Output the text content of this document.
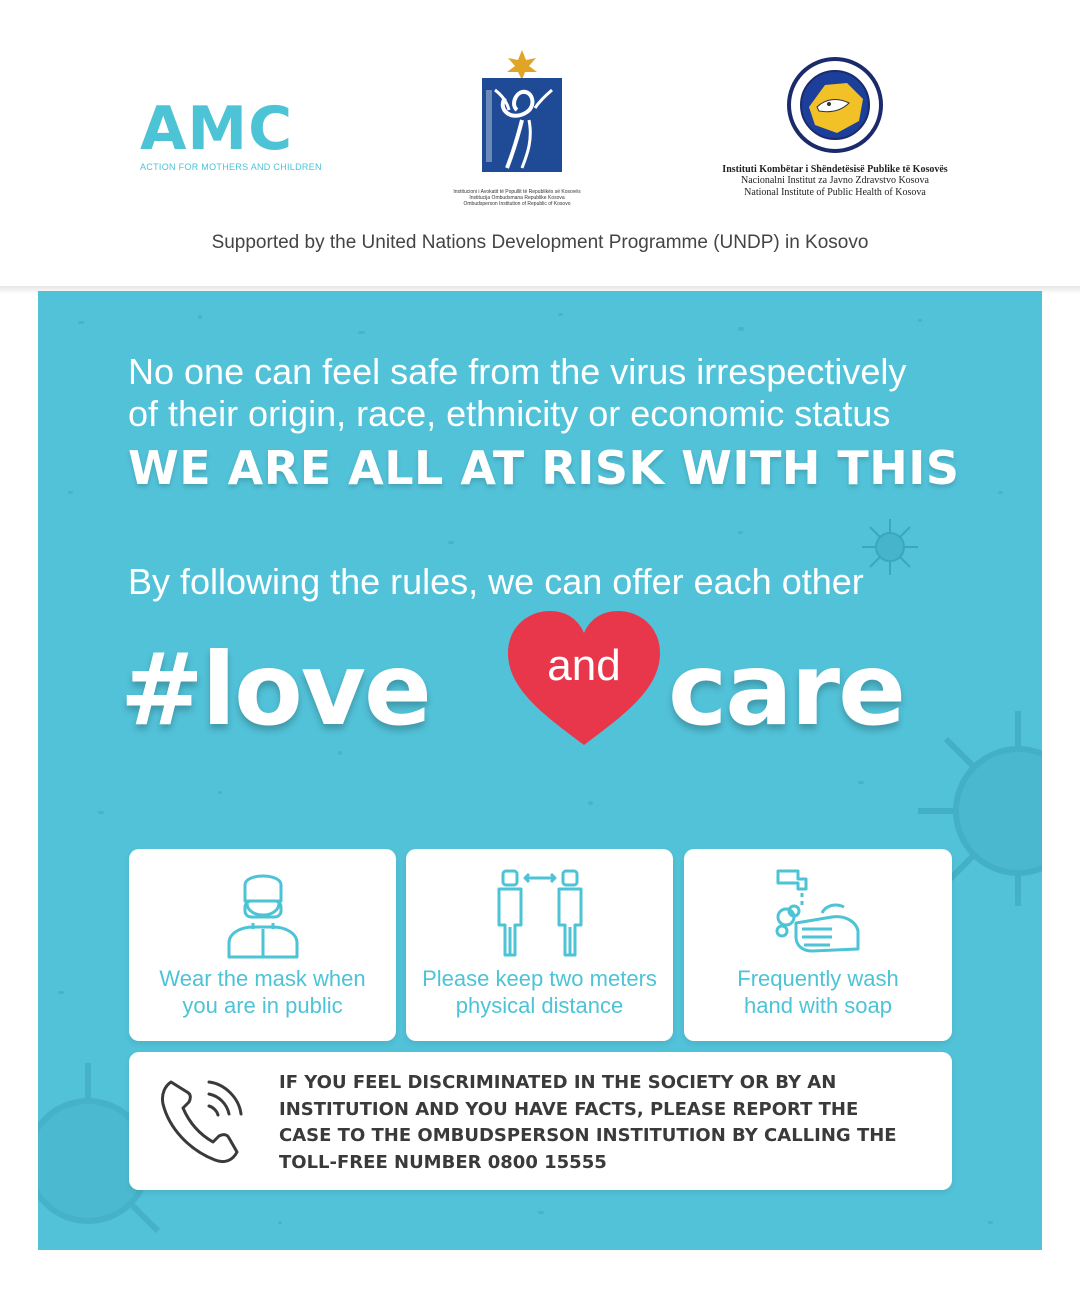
AMC
ACTION FOR MOTHERS AND CHILDREN
Institucioni i Avokatit të Popullit të Republikës së Kosovës
Institucija Ombudsmana Republike Kosova
Ombudsperson Institution of Republic of Kosovo
Instituti Kombëtar i Shëndetësisë Publike të Kosovës
Nacionalni Institut za Javno Zdravstvo Kosova
National Institute of Public Health of Kosova
Supported by the United Nations Development Programme (UNDP) in Kosovo
No one can feel safe from the virus irrespectively
of their origin, race, ethnicity or economic status
WE ARE ALL AT RISK WITH THIS
By following the rules, we can offer each other
#love	and care
Wear the mask when
you are in public
Please keep two meters
physical distance
Frequently wash
hand with soap
IF YOU FEEL DISCRIMINATED IN THE SOCIETY OR BY AN
INSTITUTION AND YOU HAVE FACTS, PLEASE REPORT THE
CASE TO THE OMBUDSPERSON INSTITUTION BY CALLING THE
TOLL-FREE NUMBER 0800 15555
